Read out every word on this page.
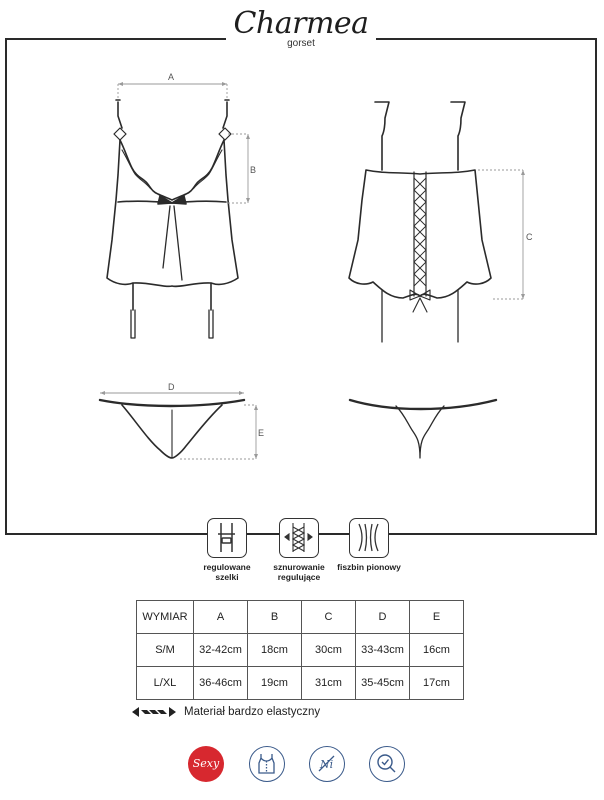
Charmea
gorset
A
B
C
D
E
regulowane
szelki
sznurowanie
regulujące
fiszbin pionowy
WYMIAR	A	B	C	D	E
S/M	32-42cm	18cm	30cm	33-43cm	16cm
L/XL	36-46cm	19cm	31cm	35-45cm	17cm
Materiał bardzo elastyczny
Sexy	Ni
